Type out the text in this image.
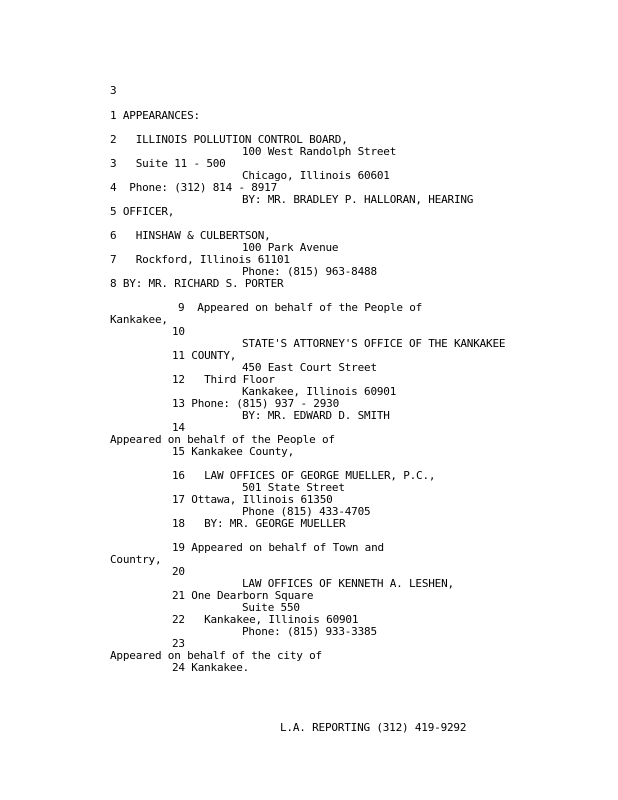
3
1 APPEARANCES:
2   ILLINOIS POLLUTION CONTROL BOARD,
100 West Randolph Street
3   Suite 11 - 500
Chicago, Illinois 60601
4  Phone: (312) 814 - 8917
BY: MR. BRADLEY P. HALLORAN, HEARING
5 OFFICER,
6   HINSHAW & CULBERTSON,
100 Park Avenue
7   Rockford, Illinois 61101
Phone: (815) 963-8488
8 BY: MR. RICHARD S. PORTER
9  Appeared on behalf of the People of
Kankakee,
10
STATE'S ATTORNEY'S OFFICE OF THE KANKAKEE
11 COUNTY,
450 East Court Street
12   Third Floor
Kankakee, Illinois 60901
13 Phone: (815) 937 - 2930
BY: MR. EDWARD D. SMITH
14
Appeared on behalf of the People of
15 Kankakee County,
16   LAW OFFICES OF GEORGE MUELLER, P.C.,
501 State Street
17 Ottawa, Illinois 61350
Phone (815) 433-4705
18   BY: MR. GEORGE MUELLER
19 Appeared on behalf of Town and
Country,
20
LAW OFFICES OF KENNETH A. LESHEN,
21 One Dearborn Square
Suite 550
22   Kankakee, Illinois 60901
Phone: (815) 933-3385
23
Appeared on behalf of the city of
24 Kankakee.
L.A. REPORTING (312) 419-9292
